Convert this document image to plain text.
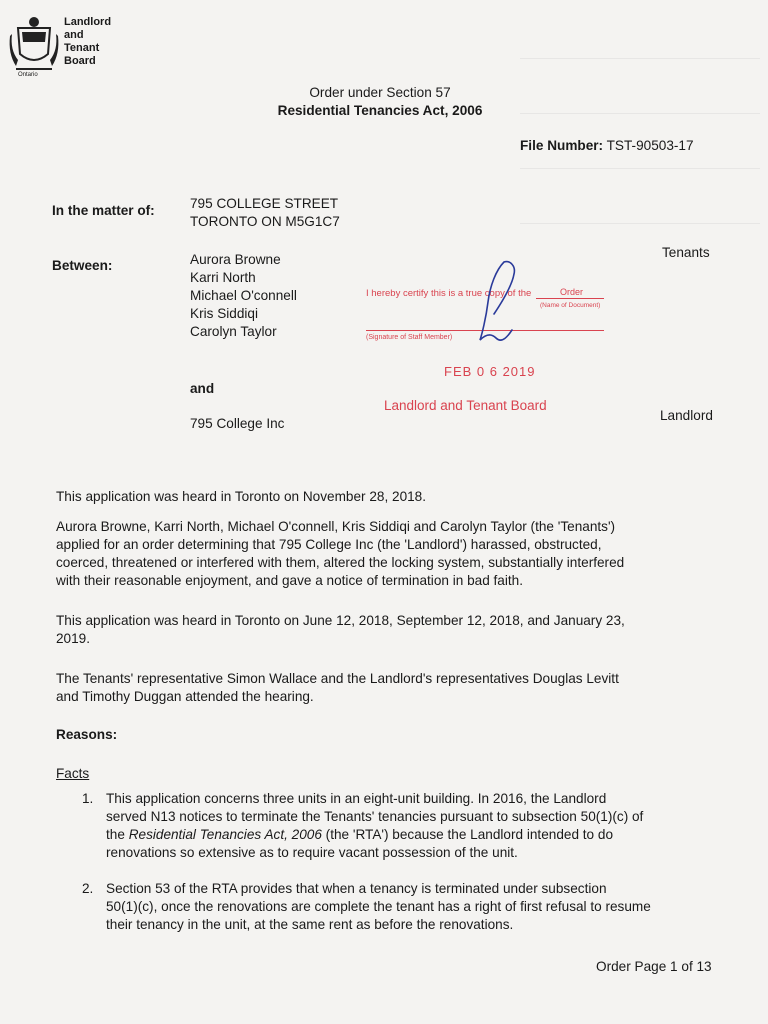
Ontario
Landlord
and
Tenant
Board
Order under Section 57
Residential Tenancies Act, 2006
File Number: TST-90503-17
In the matter of:	795 COLLEGE STREET
TORONTO ON M5G1C7
Between:	Aurora Browne
Karri North
Michael O'connell
Kris Siddiqi
Carolyn Taylor
Tenants
and
795 College Inc
Landlord
I hereby certify this is a true copy of the	Order
(Name of Document)
(Signature of Staff Member)
FEB 0 6 2019
Landlord and Tenant Board
This application was heard in Toronto on November 28, 2018.
Aurora Browne, Karri North, Michael O'connell, Kris Siddiqi and Carolyn Taylor (the 'Tenants')
applied for an order determining that 795 College Inc (the 'Landlord') harassed, obstructed,
coerced, threatened or interfered with them, altered the locking system, substantially interfered
with their reasonable enjoyment, and gave a notice of termination in bad faith.
This application was heard in Toronto on June 12, 2018, September 12, 2018, and January 23,
2019.
The Tenants' representative Simon Wallace and the Landlord's representatives Douglas Levitt
and Timothy Duggan attended the hearing.
Reasons:
Facts
1. This application concerns three units in an eight-unit building. In 2016, the Landlord
served N13 notices to terminate the Tenants' tenancies pursuant to subsection 50(1)(c) of
the Residential Tenancies Act, 2006 (the 'RTA') because the Landlord intended to do
renovations so extensive as to require vacant possession of the unit.
2. Section 53 of the RTA provides that when a tenancy is terminated under subsection
50(1)(c), once the renovations are complete the tenant has a right of first refusal to resume
their tenancy in the unit, at the same rent as before the renovations.
Order Page 1 of 13
